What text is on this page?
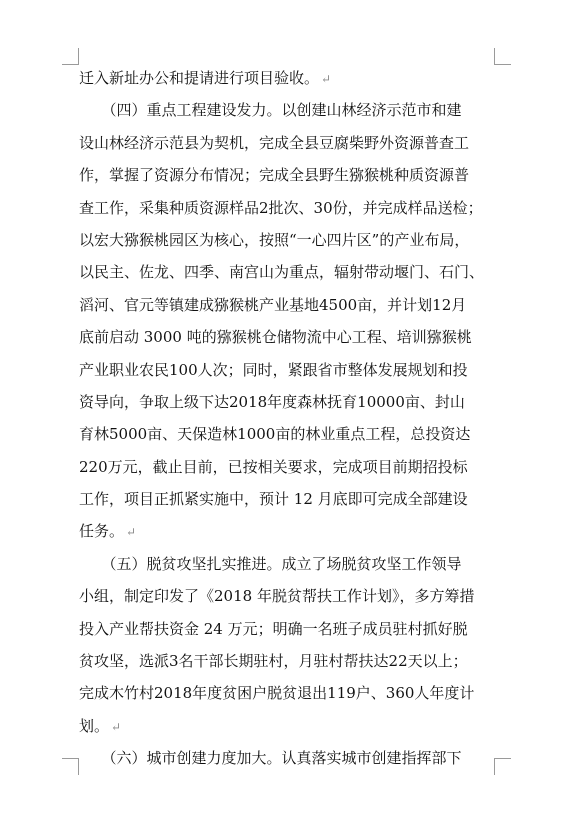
迁入新址办公和提请进行项目验收。 ↵
　　（四）重点工程建设发力。以创建山林经济示范市和建
设山林经济示范县为契机，完成全县豆腐柴野外资源普查工
作，掌握了资源分布情况；完成全县野生猕猴桃种质资源普
查工作，采集种质资源样品2批次、30份，并完成样品送检；
以宏大猕猴桃园区为核心，按照“一心四片区”的产业布局，
以民主、佐龙、四季、南宫山为重点，辐射带动堰门、石门、
滔河、官元等镇建成猕猴桃产业基地4500亩，并计划12月
底前启动 3000 吨的猕猴桃仓储物流中心工程、培训猕猴桃
产业职业农民100人次；同时，紧跟省市整体发展规划和投
资导向，争取上级下达2018年度森林抚育10000亩、封山
育林5000亩、天保造林1000亩的林业重点工程，总投资达
220万元，截止目前，已按相关要求，完成项目前期招投标
工作，项目正抓紧实施中，预计 12 月底即可完成全部建设
任务。 ↵
　　（五）脱贫攻坚扎实推进。成立了场脱贫攻坚工作领导
小组，制定印发了《2018 年脱贫帮扶工作计划》，多方筹措
投入产业帮扶资金 24 万元；明确一名班子成员驻村抓好脱
贫攻坚，选派3名干部长期驻村，月驻村帮扶达22天以上；
完成木竹村2018年度贫困户脱贫退出119户、360人年度计
划。 ↵
　　（六）城市创建力度加大。认真落实城市创建指挥部下
